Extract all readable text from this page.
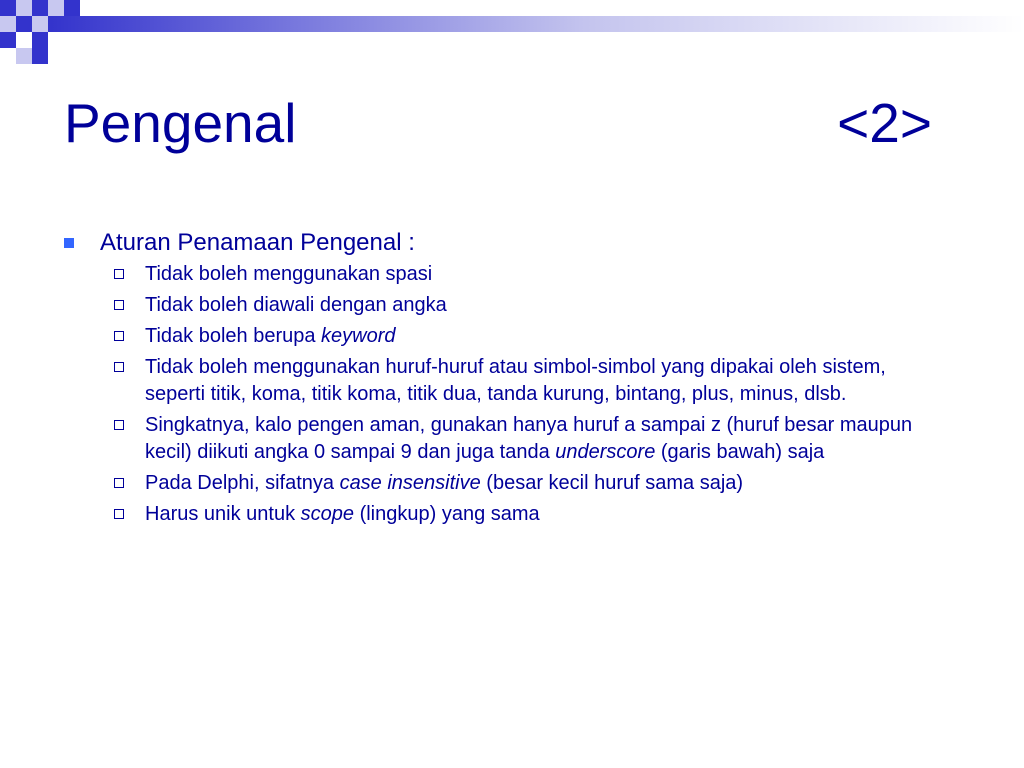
Pengenal	<2>
Aturan Penamaan Pengenal :
Tidak boleh menggunakan spasi
Tidak boleh diawali dengan angka
Tidak boleh berupa keyword
Tidak boleh menggunakan huruf-huruf atau simbol-simbol yang dipakai oleh sistem, seperti titik, koma, titik koma, titik dua, tanda kurung, bintang, plus, minus, dlsb.
Singkatnya, kalo pengen aman, gunakan hanya huruf a sampai z (huruf besar maupun kecil) diikuti angka 0 sampai 9 dan juga tanda underscore (garis bawah) saja
Pada Delphi, sifatnya case insensitive (besar kecil huruf sama saja)
Harus unik untuk scope (lingkup) yang sama
